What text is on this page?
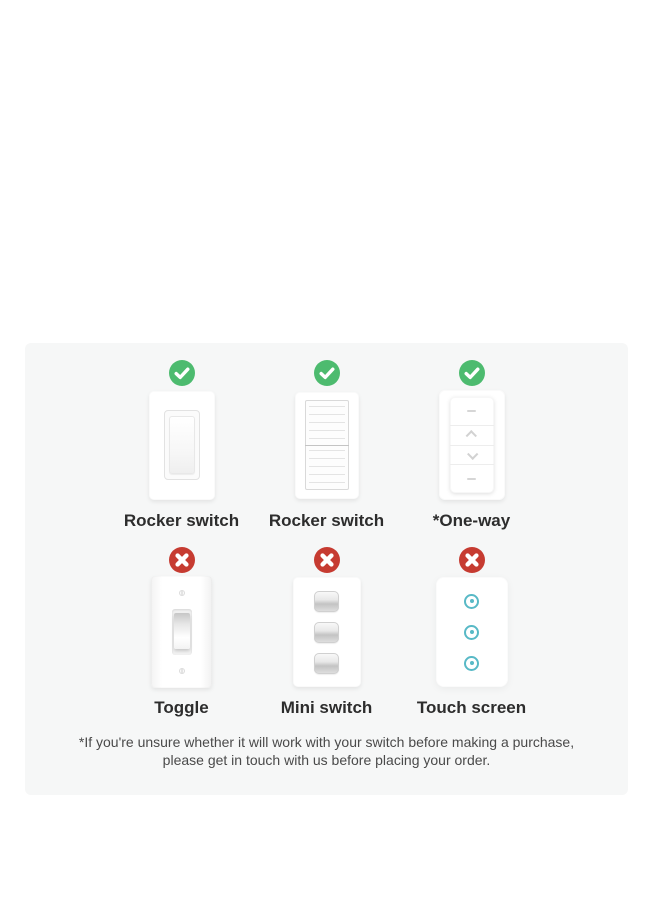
Rocker switch Rocker switch	*One-way
Toggle	Mini switch	Touch screen

*If you're unsure whether it will work with your switch before making a purchase,
please get in touch with us before placing your order.
